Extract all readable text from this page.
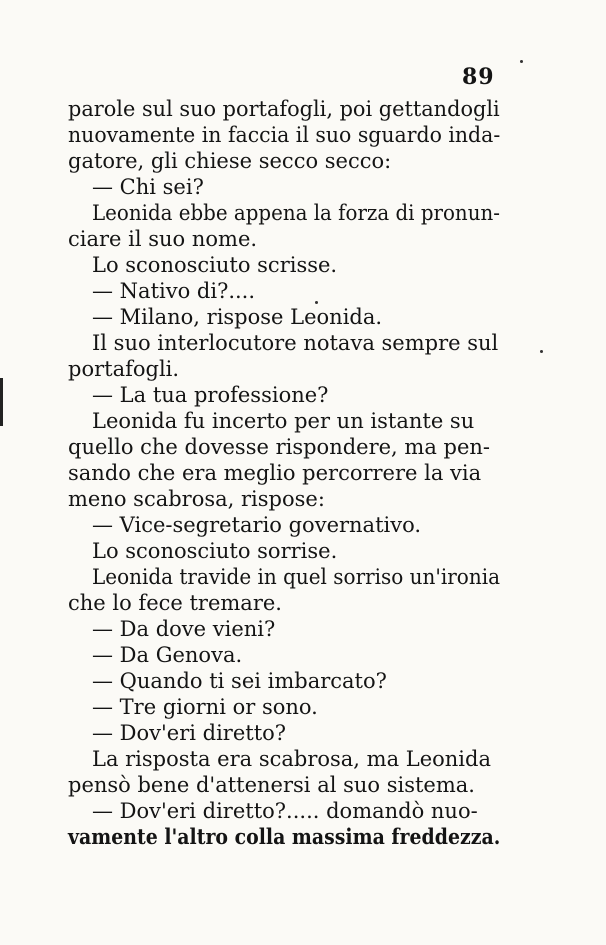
89
parole sul suo portafogli, poi gettandogli
nuovamente in faccia il suo sguardo inda-
gatore, gli chiese secco secco:
— Chi sei?
Leonida ebbe appena la forza di pronun-
ciare il suo nome.
Lo sconosciuto scrisse.
— Nativo di?....
— Milano, rispose Leonida.
Il suo interlocutore notava sempre sul
portafogli.
— La tua professione?
Leonida fu incerto per un istante su
quello che dovesse rispondere, ma pen-
sando che era meglio percorrere la via
meno scabrosa, rispose:
— Vice-segretario governativo.
Lo sconosciuto sorrise.
Leonida travide in quel sorriso un'ironia
che lo fece tremare.
— Da dove vieni?
— Da Genova.
— Quando ti sei imbarcato?
— Tre giorni or sono.
— Dov'eri diretto?
La risposta era scabrosa, ma Leonida
pensò bene d'attenersi al suo sistema.
— Dov'eri diretto?..... domandò nuo-
vamente l'altro colla massima freddezza.
